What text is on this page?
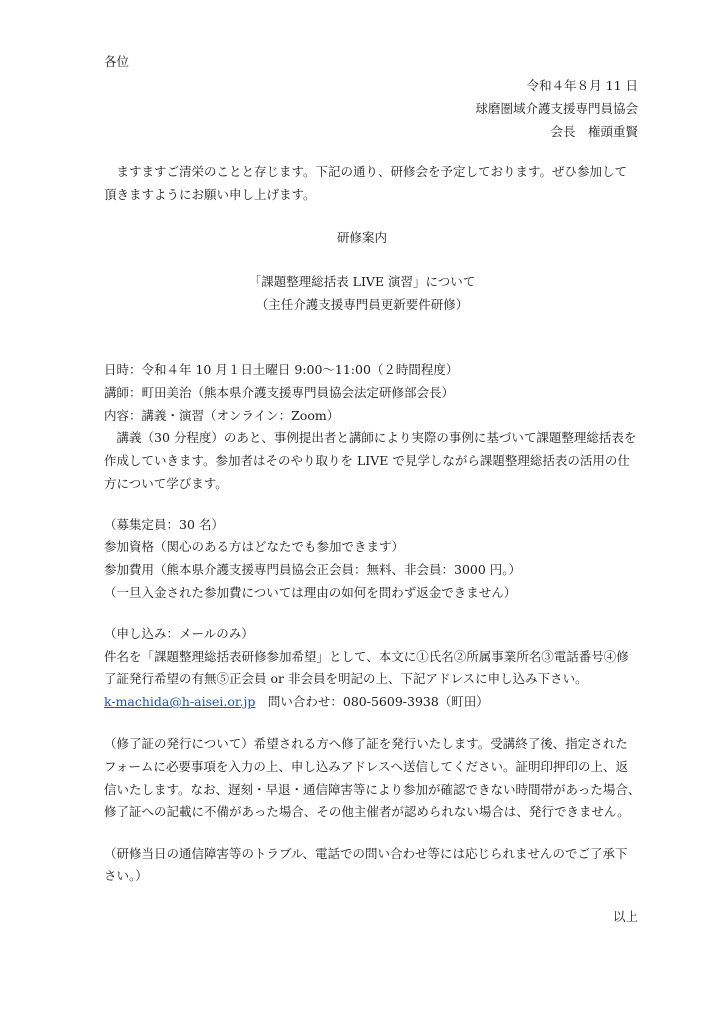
各位
令和４年８月 11 日
球磨圏域介護支援専門員協会
会長　権頭重賢
　ますますご清栄のことと存じます。下記の通り、研修会を予定しております。ぜひ参加して
頂きますようにお願い申し上げます。
研修案内
「課題整理総括表 LIVE 演習」について
（主任介護支援専門員更新要件研修）
日時：令和４年 10 月１日土曜日 9:00～11:00（２時間程度）
講師：町田美治（熊本県介護支援専門員協会法定研修部会長）
内容：講義・演習（オンライン：Zoom）
　講義（30 分程度）のあと、事例提出者と講師により実際の事例に基づいて課題整理総括表を
作成していきます。参加者はそのやり取りを LIVE で見学しながら課題整理総括表の活用の仕
方について学びます。
（募集定員：30 名）
参加資格（関心のある方はどなたでも参加できます）
参加費用（熊本県介護支援専門員協会正会員：無料、非会員：3000 円。）
（一旦入金された参加費については理由の如何を問わず返金できません）
（申し込み：メールのみ）
件名を「課題整理総括表研修参加希望」として、本文に①氏名②所属事業所名③電話番号④修
了証発行希望の有無⑤正会員 or 非会員を明記の上、下記アドレスに申し込み下さい。
k-machida@h-aisei.or.jp　問い合わせ：080-5609-3938（町田）
（修了証の発行について）希望される方へ修了証を発行いたします。受講終了後、指定された
フォームに必要事項を入力の上、申し込みアドレスへ送信してください。証明印押印の上、返
信いたします。なお、遅刻・早退・通信障害等により参加が確認できない時間帯があった場合、
修了証への記載に不備があった場合、その他主催者が認められない場合は、発行できません。
（研修当日の通信障害等のトラブル、電話での問い合わせ等には応じられませんのでご了承下
さい。）
以上
